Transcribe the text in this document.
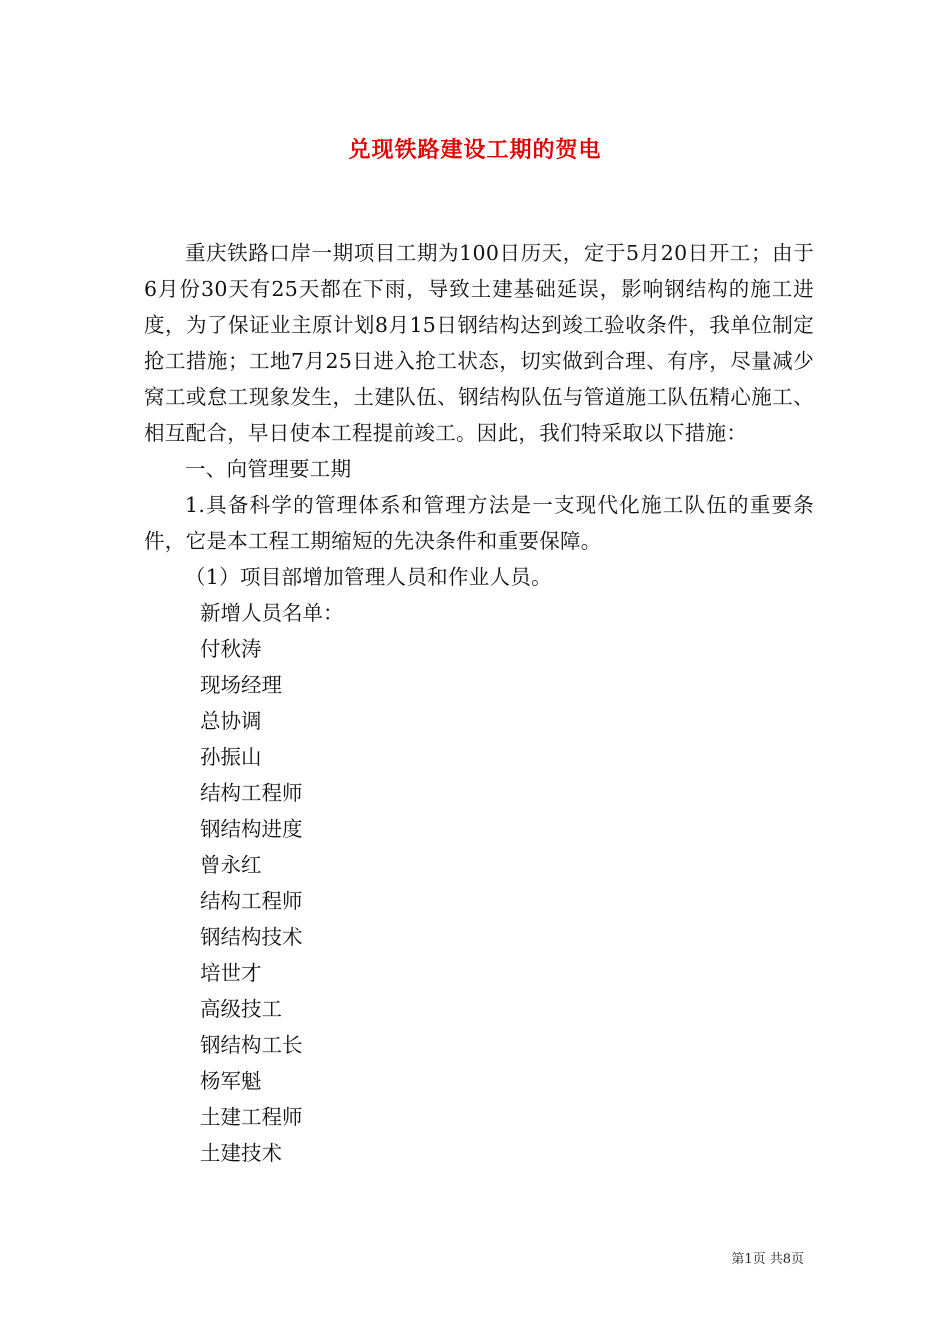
兑现铁路建设工期的贺电

重庆铁路口岸一期项目工期为100日历天，定于5月20日开工；由于6月份30天有25天都在下雨，导致土建基础延误，影响钢结构的施工进度，为了保证业主原计划8月15日钢结构达到竣工验收条件，我单位制定抢工措施；工地7月25日进入抢工状态，切实做到合理、有序，尽量减少窝工或怠工现象发生，土建队伍、钢结构队伍与管道施工队伍精心施工、相互配合，早日使本工程提前竣工。因此，我们特采取以下措施：

一、向管理要工期

1.具备科学的管理体系和管理方法是一支现代化施工队伍的重要条件，它是本工程工期缩短的先决条件和重要保障。

（1）项目部增加管理人员和作业人员。

新增人员名单：

付秋涛

现场经理

总协调

孙振山

结构工程师

钢结构进度

曾永红

结构工程师

钢结构技术

培世才

高级技工

钢结构工长

杨军魁

土建工程师

土建技术

第1页 共8页
